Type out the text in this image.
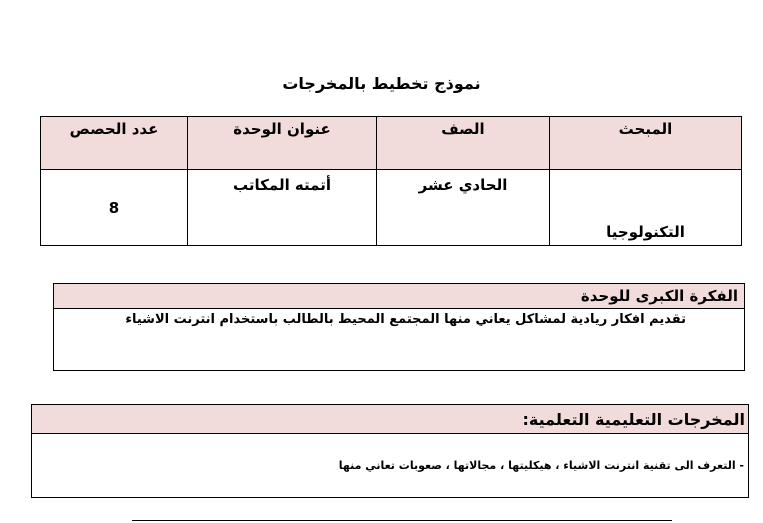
نموذج تخطيط بالمخرجات
المبحث	الصف	عنوان الوحدة	عدد الحصص

التكنولوجيا	الحادي عشر	أتمته المكاتب	8
الفكرة الكبرى للوحدة
تقديم افكار ريادية لمشاكل يعاني منها المجتمع المحيط بالطالب باستخدام انترنت الاشياء
المخرجات التعليمية التعلمية:
- التعرف الى تقنية انترنت الاشياء ، هيكليتها ، مجالاتها ، صعوبات تعاني منها
